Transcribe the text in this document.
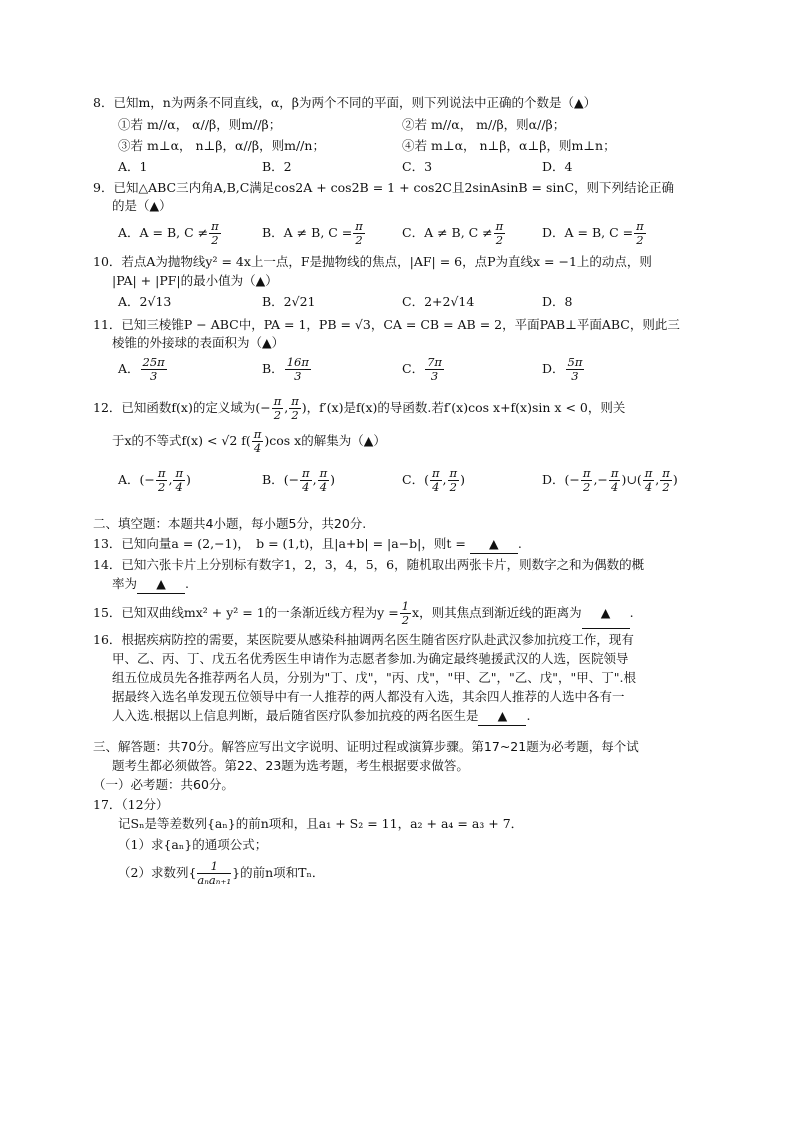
8．已知m，n为两条不同直线，α，β为两个不同的平面，则下列说法中正确的个数是（▲）
①若 m//α， α//β，则m//β；	②若 m//α， m//β，则α//β；
③若 m⊥α， n⊥β，α//β，则m//n；	④若 m⊥α， n⊥β，α⊥β，则m⊥n；
A．1	B．2	C．3	D．4
9．已知△ABC三内角A,B,C满足cos2A + cos2B = 1 + cos2C且2sinAsinB = sinC，则下列结论正确
的是（▲）
A．A = B, $C \ne \frac{\pi}{2}$	B．A ≠ B, $C = \frac{\pi}{2}$	C．A ≠ B, $C \ne \frac{\pi}{2}$	D．A = B, $C = \frac{\pi}{2}$
10．若点A为抛物线y² = 4x上一点，F是抛物线的焦点，|AF| = 6，点P为直线x = −1上的动点，则
|PA| + |PF|的最小值为（▲）
A．2√13	B．2√21	C．2+2√14	D．8
11．已知三棱锥P − ABC中，PA = 1，PB = √3，CA = CB = AB = 2，平面PAB⊥平面ABC，则此三
棱锥的外接球的表面积为（▲）
A． $\frac{25\pi}{3}$	B． $\frac{16\pi}{3}$	C． $\frac{7\pi}{3}$	D． $\frac{5\pi}{3}$
12．已知函数f(x)的定义域为(− $\frac{\pi}{2}$ , $\frac{\pi}{2}$ )，f′(x)是f(x)的导函数.若f′(x)cos x+f(x)sin x < 0，则关
于x的不等式f(x) < √2 $f( \frac{\pi}{4} )\cos$ x的解集为（▲）
A．(− $\frac{\pi}{2}$ , $\frac{\pi}{4}$ )	B．(− $\frac{\pi}{4}$ , $\frac{\pi}{4}$ )	C．( $\frac{\pi}{4}$ , $\frac{\pi}{2}$ )	D．(− $\frac{\pi}{2}$ ,− $\frac{\pi}{4}$ )∪( $\frac{\pi}{4}$ , $\frac{\pi}{2}$ )
二、填空题：本题共4小题，每小题5分，共20分.
13．已知向量a = (2,−1)，　b = (1,t)，且|a+b| = |a−b|，则t = ▲ .
14．已知六张卡片上分别标有数字1，2，3，4，5，6，随机取出两张卡片，则数字之和为偶数的概
率为 ▲ .
15．已知双曲线mx² + y² = 1的一条渐近线方程为$y = \frac{1}{2}$ x，则其焦点到渐近线的距离为 ▲ .
16．根据疾病防控的需要，某医院要从感染科抽调两名医生随省医疗队赴武汉参加抗疫工作，现有
甲、乙、丙、丁、戊五名优秀医生申请作为志愿者参加.为确定最终驰援武汉的人选，医院领导
组五位成员先各推荐两名人员，分别为"丁、戊"，"丙、戊"，"甲、乙"，"乙、戊"，"甲、丁".根
据最终入选名单发现五位领导中有一人推荐的两人都没有入选，其余四人推荐的人选中各有一
人入选.根据以上信息判断，最后随省医疗队参加抗疫的两名医生是 ▲ .
三、解答题：共70分。解答应写出文字说明、证明过程或演算步骤。第17~21题为必考题，每个试
题考生都必须做答。第22、23题为选考题，考生根据要求做答。
（一）必考题：共60分。
17．（12分）
记Sₙ是等差数列{aₙ}的前n项和，且a₁ + S₂ = 11，a₂ + a₄ = a₃ + 7．
（1）求{aₙ}的通项公式；
（2）求数列{ $\frac{1}{\text{aₙaₙ₊₁}}$ }的前n项和Tₙ．
